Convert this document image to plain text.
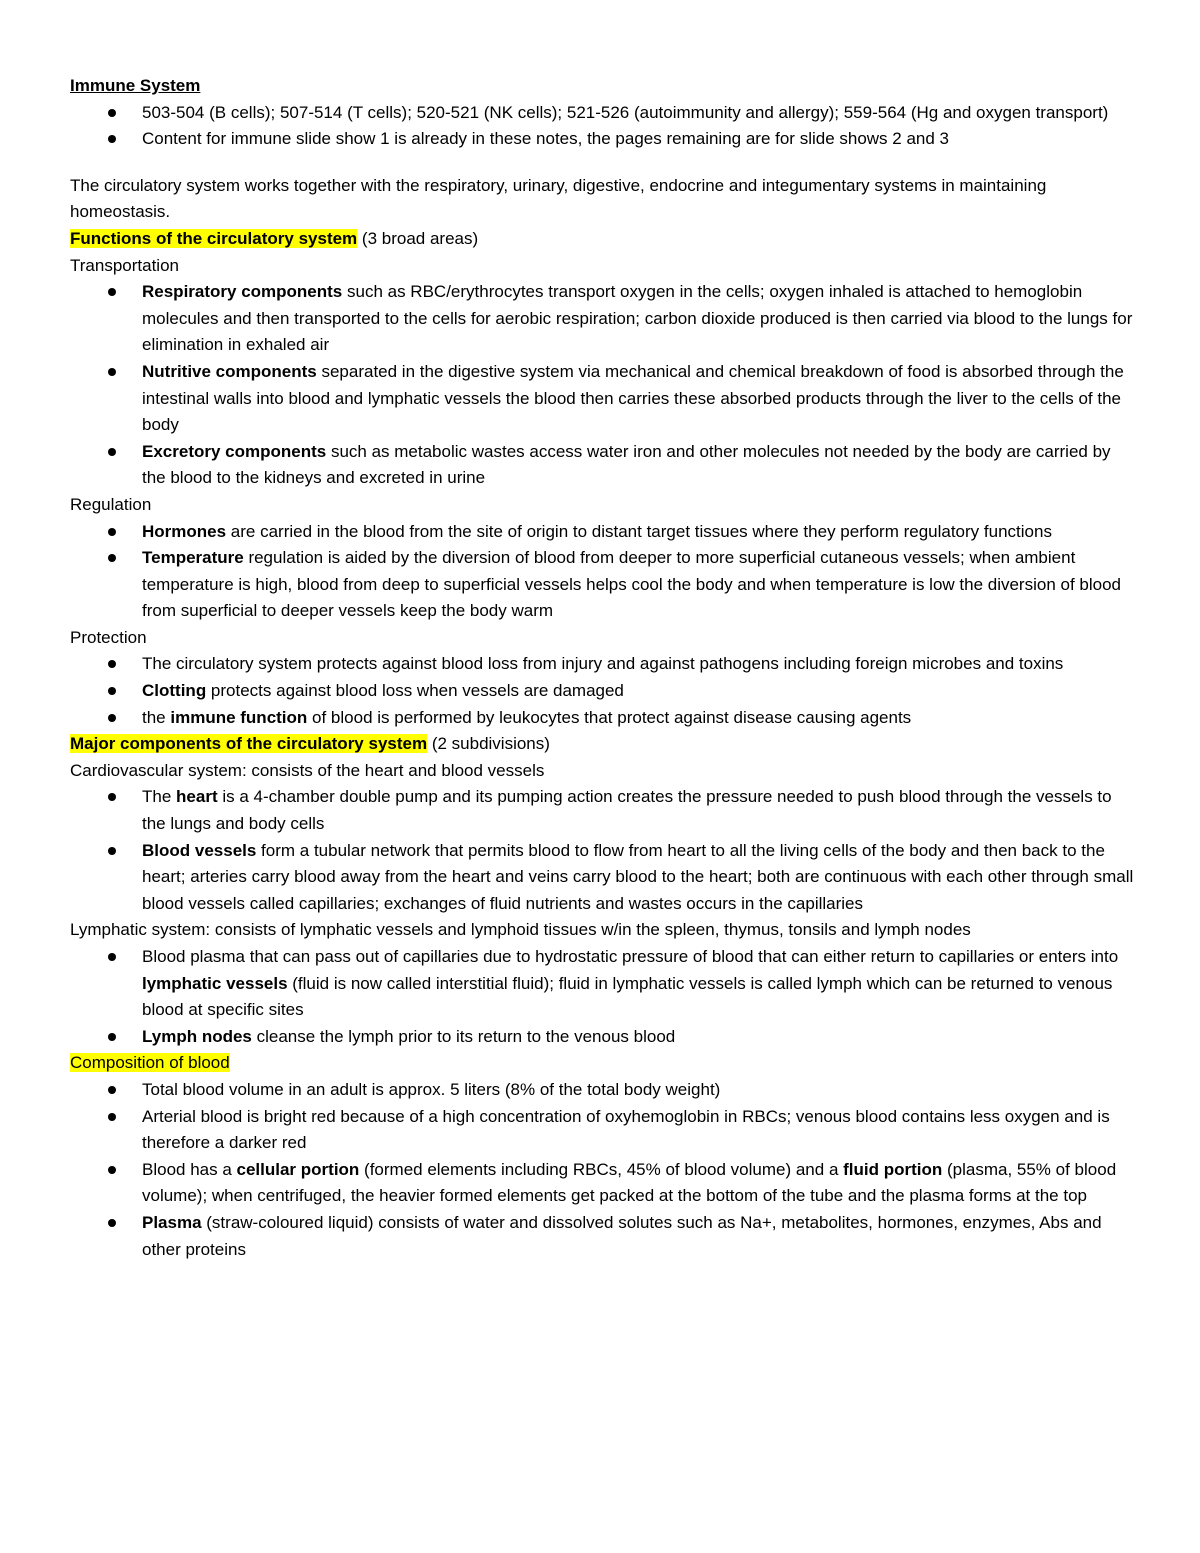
Immune System

503-504 (B cells); 507-514 (T cells); 520-521 (NK cells); 521-526 (autoimmunity and allergy); 559-564 (Hg and oxygen transport)
Content for immune slide show 1 is already in these notes, the pages remaining are for slide shows 2 and 3

The circulatory system works together with the respiratory, urinary, digestive, endocrine and integumentary systems in maintaining homeostasis.

Functions of the circulatory system (3 broad areas)

Transportation

Respiratory components such as RBC/erythrocytes transport oxygen in the cells; oxygen inhaled is attached to hemoglobin molecules and then transported to the cells for aerobic respiration; carbon dioxide produced is then carried via blood to the lungs for elimination in exhaled air
Nutritive components separated in the digestive system via mechanical and chemical breakdown of food is absorbed through the intestinal walls into blood and lymphatic vessels the blood then carries these absorbed products through the liver to the cells of the body
Excretory components such as metabolic wastes access water iron and other molecules not needed by the body are carried by the blood to the kidneys and excreted in urine

Regulation

Hormones are carried in the blood from the site of origin to distant target tissues where they perform regulatory functions
Temperature regulation is aided by the diversion of blood from deeper to more superficial cutaneous vessels; when ambient temperature is high, blood from deep to superficial vessels helps cool the body and when temperature is low the diversion of blood from superficial to deeper vessels keep the body warm

Protection

The circulatory system protects against blood loss from injury and against pathogens including foreign microbes and toxins
Clotting protects against blood loss when vessels are damaged
the immune function of blood is performed by leukocytes that protect against disease causing agents

Major components of the circulatory system (2 subdivisions)

Cardiovascular system: consists of the heart and blood vessels

The heart is a 4-chamber double pump and its pumping action creates the pressure needed to push blood through the vessels to the lungs and body cells
Blood vessels form a tubular network that permits blood to flow from heart to all the living cells of the body and then back to the heart; arteries carry blood away from the heart and veins carry blood to the heart; both are continuous with each other through small blood vessels called capillaries; exchanges of fluid nutrients and wastes occurs in the capillaries

Lymphatic system: consists of lymphatic vessels and lymphoid tissues w/in the spleen, thymus, tonsils and lymph nodes

Blood plasma that can pass out of capillaries due to hydrostatic pressure of blood that can either return to capillaries or enters into lymphatic vessels (fluid is now called interstitial fluid); fluid in lymphatic vessels is called lymph which can be returned to venous blood at specific sites
Lymph nodes cleanse the lymph prior to its return to the venous blood

Composition of blood

Total blood volume in an adult is approx. 5 liters (8% of the total body weight)
Arterial blood is bright red because of a high concentration of oxyhemoglobin in RBCs; venous blood contains less oxygen and is therefore a darker red
Blood has a cellular portion (formed elements including RBCs, 45% of blood volume) and a fluid portion (plasma, 55% of blood volume); when centrifuged, the heavier formed elements get packed at the bottom of the tube and the plasma forms at the top
Plasma (straw-coloured liquid) consists of water and dissolved solutes such as Na+, metabolites, hormones, enzymes, Abs and other proteins
